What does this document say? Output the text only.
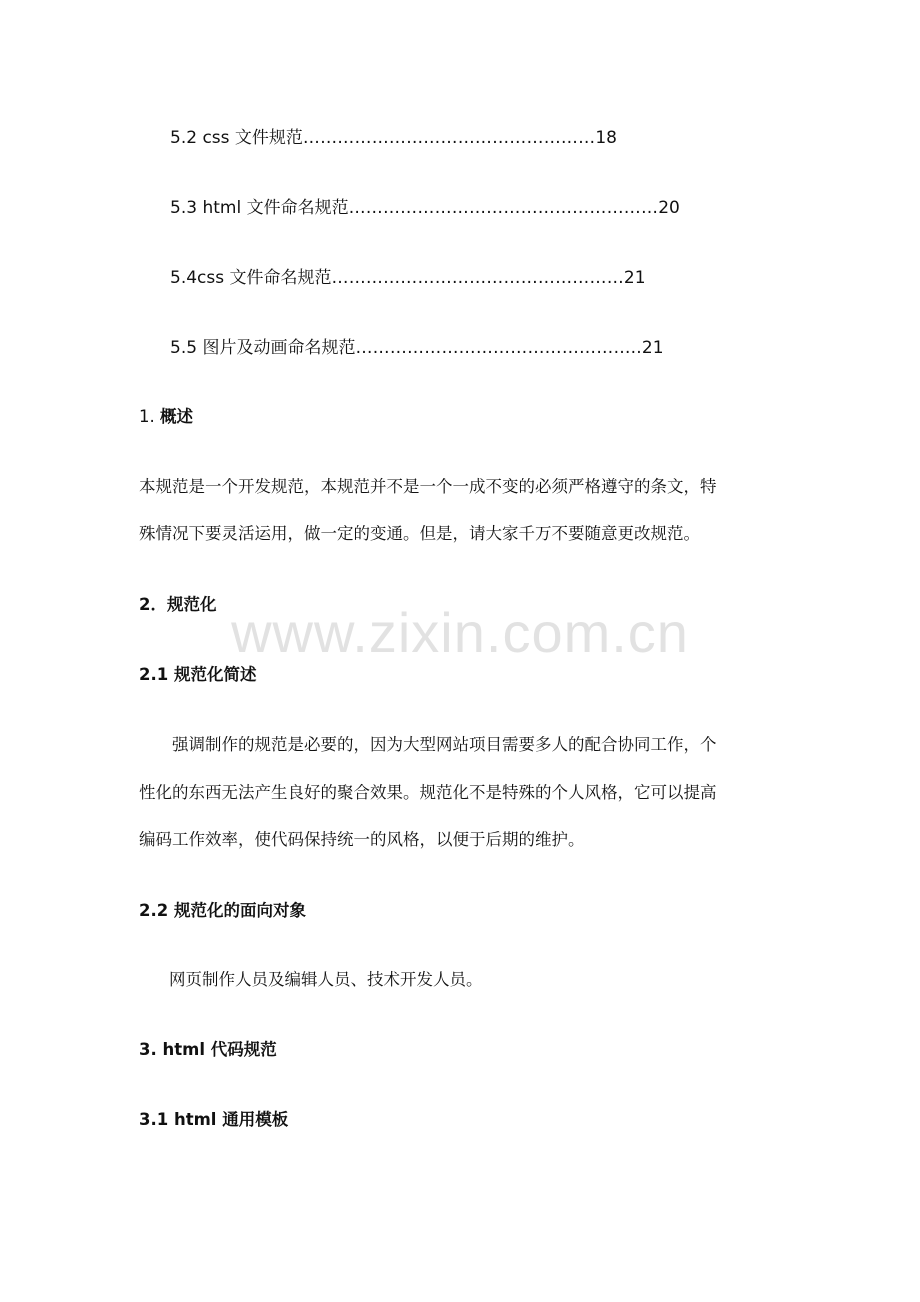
5.2 css 文件规范……………………………………………18
5.3 html 文件命名规范………………………………………………20
5.4css 文件命名规范……………………………………………21
5.5 图片及动画命名规范…………………………………………..21
1. 概述
本规范是一个开发规范，本规范并不是一个一成不变的必须严格遵守的条文，特
殊情况下要灵活运用，做一定的变通。但是，请大家千万不要随意更改规范。
2．规范化 www.zixin.com.cn
2.1 规范化简述
强调制作的规范是必要的，因为大型网站项目需要多人的配合协同工作，个
性化的东西无法产生良好的聚合效果。规范化不是特殊的个人风格，它可以提高
编码工作效率，使代码保持统一的风格，以便于后期的维护。
2.2 规范化的面向对象
网页制作人员及编辑人员、技术开发人员。
3. html 代码规范
3.1 html 通用模板
